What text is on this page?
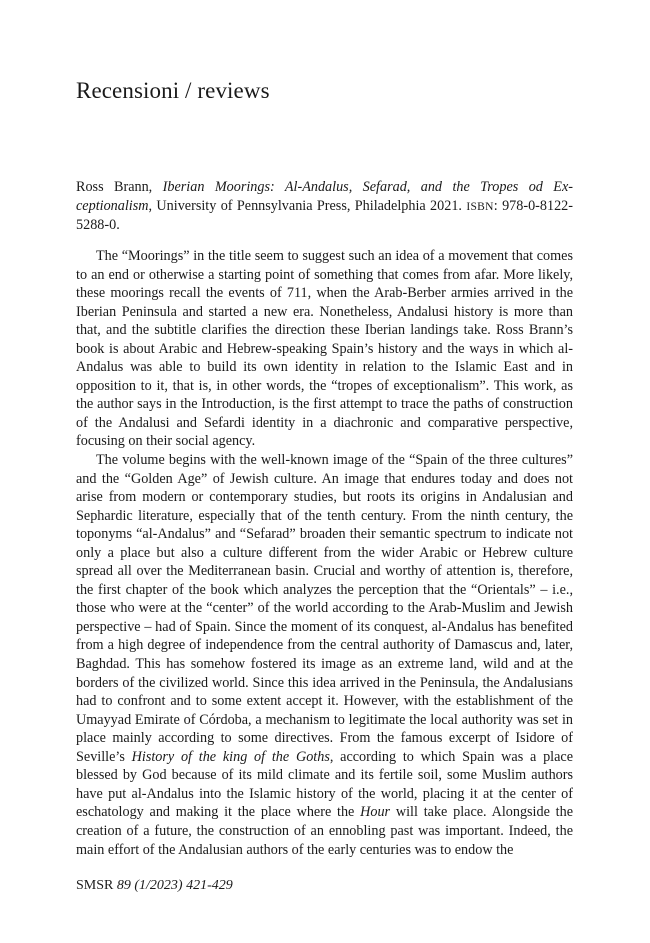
Recensioni / reviews

Ross Brann, Iberian Moorings: Al-Andalus, Sefarad, and the Tropes od Exceptionalism, University of Pennsylvania Press, Philadelphia 2021. ISBN: 978-0-8122-5288-0.

The “Moorings” in the title seem to suggest such an idea of a movement that comes to an end or otherwise a starting point of something that comes from afar. More likely, these moorings recall the events of 711, when the Arab-Berber armies arrived in the Iberian Peninsula and started a new era. Nonetheless, Andalusi history is more than that, and the subtitle clarifies the direction these Iberian landings take. Ross Brann’s book is about Arabic and Hebrew-speaking Spain’s history and the ways in which al-Andalus was able to build its own identity in relation to the Islamic East and in opposition to it, that is, in other words, the “tropes of exceptionalism”. This work, as the author says in the Introduction, is the first attempt to trace the paths of construction of the Andalusi and Sefardi identity in a diachronic and comparative perspective, focusing on their social agency.

The volume begins with the well-known image of the “Spain of the three cultures” and the “Golden Age” of Jewish culture. An image that endures today and does not arise from modern or contemporary studies, but roots its origins in Andalusian and Sephardic literature, especially that of the tenth century. From the ninth century, the toponyms “al-Andalus” and “Sefarad” broaden their semantic spectrum to indicate not only a place but also a culture different from the wider Arabic or Hebrew culture spread all over the Mediterranean basin. Crucial and worthy of attention is, therefore, the first chapter of the book which analyzes the perception that the “Orientals” – i.e., those who were at the “center” of the world according to the Arab-Muslim and Jewish perspective – had of Spain. Since the moment of its conquest, al-Andalus has benefited from a high degree of independence from the central authority of Damascus and, later, Baghdad. This has somehow fostered its image as an extreme land, wild and at the borders of the civilized world. Since this idea arrived in the Peninsula, the Andalusians had to confront and to some extent accept it. However, with the establishment of the Umayyad Emirate of Córdoba, a mechanism to legitimate the local authority was set in place mainly according to some directives. From the famous excerpt of Isidore of Seville’s History of the king of the Goths, according to which Spain was a place blessed by God because of its mild climate and its fertile soil, some Muslim authors have put al-Andalus into the Islamic history of the world, placing it at the center of eschatology and making it the place where the Hour will take place. Alongside the creation of a future, the construction of an ennobling past was important. Indeed, the main effort of the Andalusian authors of the early centuries was to endow the

SMSR 89 (1/2023) 421-429
